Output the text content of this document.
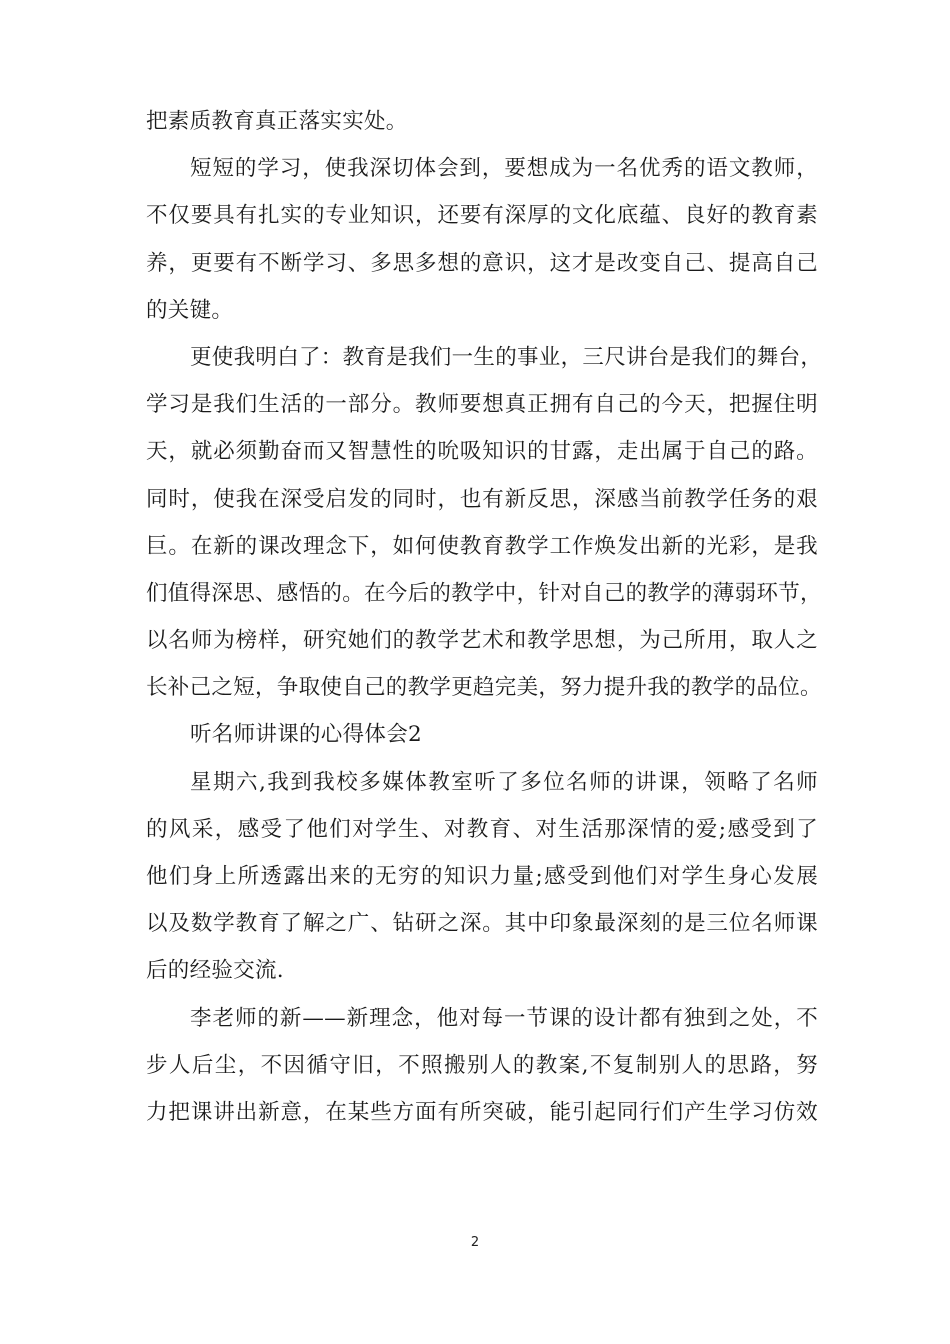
把素质教育真正落实实处。
短短的学习，使我深切体会到，要想成为一名优秀的语文教师，
不仅要具有扎实的专业知识，还要有深厚的文化底蕴、良好的教育素
养，更要有不断学习、多思多想的意识，这才是改变自己、提高自己
的关键。
更使我明白了：教育是我们一生的事业，三尺讲台是我们的舞台，
学习是我们生活的一部分。教师要想真正拥有自己的今天，把握住明
天，就必须勤奋而又智慧性的吮吸知识的甘露，走出属于自己的路。
同时，使我在深受启发的同时，也有新反思，深感当前教学任务的艰
巨。在新的课改理念下，如何使教育教学工作焕发出新的光彩，是我
们值得深思、感悟的。在今后的教学中，针对自己的教学的薄弱环节，
以名师为榜样，研究她们的教学艺术和教学思想，为己所用，取人之
长补己之短，争取使自己的教学更趋完美，努力提升我的教学的品位。
听名师讲课的心得体会2
星期六,我到我校多媒体教室听了多位名师的讲课，领略了名师
的风采，感受了他们对学生、对教育、对生活那深情的爱;感受到了
他们身上所透露出来的无穷的知识力量;感受到他们对学生身心发展
以及数学教育了解之广、钻研之深。其中印象最深刻的是三位名师课
后的经验交流.
李老师的新——新理念，他对每一节课的设计都有独到之处，不
步人后尘，不因循守旧，不照搬别人的教案,不复制别人的思路，努
力把课讲出新意，在某些方面有所突破，能引起同行们产生学习仿效
2
